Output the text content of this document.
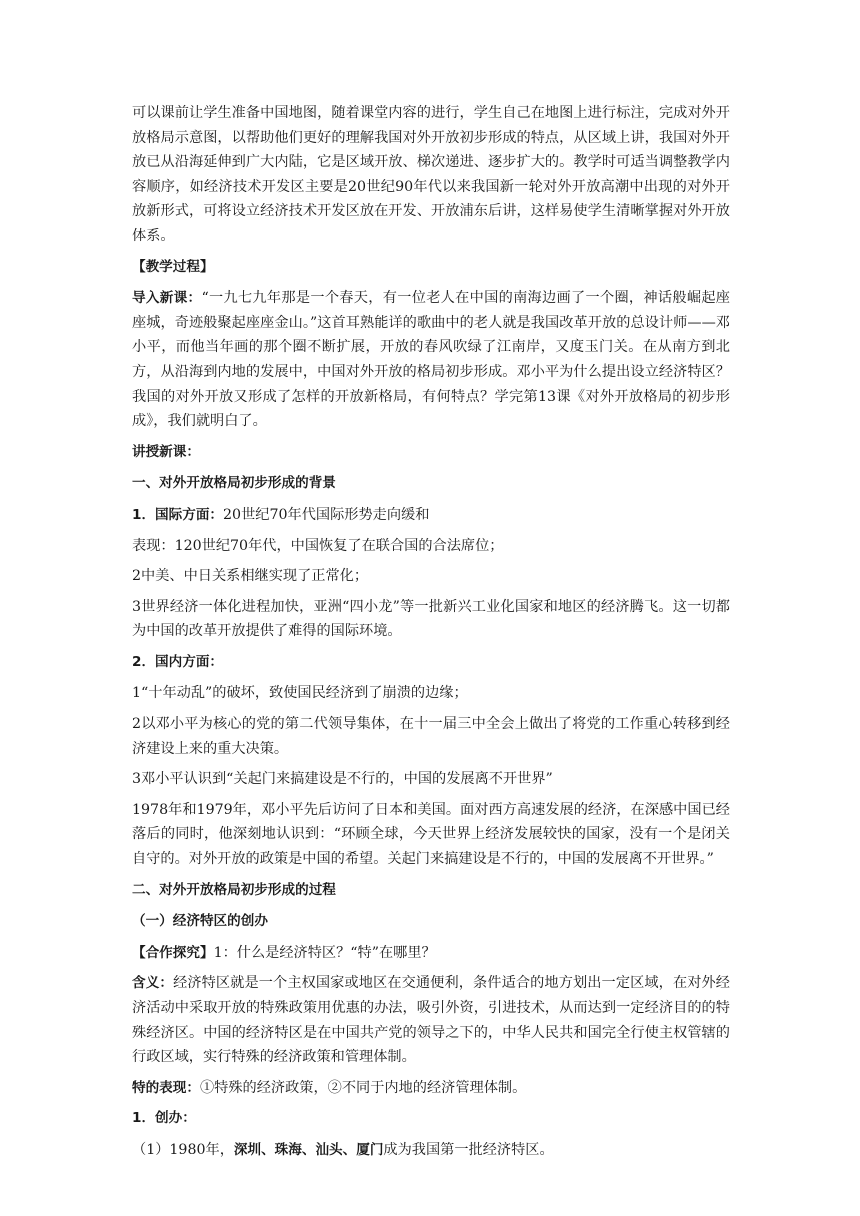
可以课前让学生准备中国地图，随着课堂内容的进行，学生自己在地图上进行标注，完成对外开放格局示意图，以帮助他们更好的理解我国对外开放初步形成的特点，从区域上讲，我国对外开放已从沿海延伸到广大内陆，它是区域开放、梯次递进、逐步扩大的。教学时可适当调整教学内容顺序，如经济技术开发区主要是20世纪90年代以来我国新一轮对外开放高潮中出现的对外开放新形式，可将设立经济技术开发区放在开发、开放浦东后讲，这样易使学生清晰掌握对外开放体系。

【教学过程】

导入新课：“一九七九年那是一个春天，有一位老人在中国的南海边画了一个圈，神话般崛起座座城，奇迹般聚起座座金山。”这首耳熟能详的歌曲中的老人就是我国改革开放的总设计师——邓小平，而他当年画的那个圈不断扩展，开放的春风吹绿了江南岸，又度玉门关。在从南方到北方，从沿海到内地的发展中，中国对外开放的格局初步形成。邓小平为什么提出设立经济特区？我国的对外开放又形成了怎样的开放新格局，有何特点？学完第13课《对外开放格局的初步形成》，我们就明白了。

讲授新课：

一、对外开放格局初步形成的背景

1．国际方面：20世纪70年代国际形势走向缓和

表现：120世纪70年代，中国恢复了在联合国的合法席位；

2中美、中日关系相继实现了正常化；

3世界经济一体化进程加快，亚洲“四小龙”等一批新兴工业化国家和地区的经济腾飞。这一切都为中国的改革开放提供了难得的国际环境。

2．国内方面：

1“十年动乱”的破坏，致使国民经济到了崩溃的边缘；

2以邓小平为核心的党的第二代领导集体，在十一届三中全会上做出了将党的工作重心转移到经济建设上来的重大决策。

3邓小平认识到“关起门来搞建设是不行的，中国的发展离不开世界”

1978年和1979年，邓小平先后访问了日本和美国。面对西方高速发展的经济，在深感中国已经落后的同时，他深刻地认识到：“环顾全球，今天世界上经济发展较快的国家，没有一个是闭关自守的。对外开放的政策是中国的希望。关起门来搞建设是不行的，中国的发展离不开世界。”

二、对外开放格局初步形成的过程

（一）经济特区的创办

【合作探究】1：什么是经济特区？“特”在哪里？

含义：经济特区就是一个主权国家或地区在交通便利，条件适合的地方划出一定区域，在对外经济活动中采取开放的特殊政策用优惠的办法，吸引外资，引进技术，从而达到一定经济目的的特殊经济区。中国的经济特区是在中国共产党的领导之下的，中华人民共和国完全行使主权管辖的行政区域，实行特殊的经济政策和管理体制。

特的表现：①特殊的经济政策，②不同于内地的经济管理体制。

1．创办：

（1）1980年，深圳、珠海、汕头、厦门成为我国第一批经济特区。
